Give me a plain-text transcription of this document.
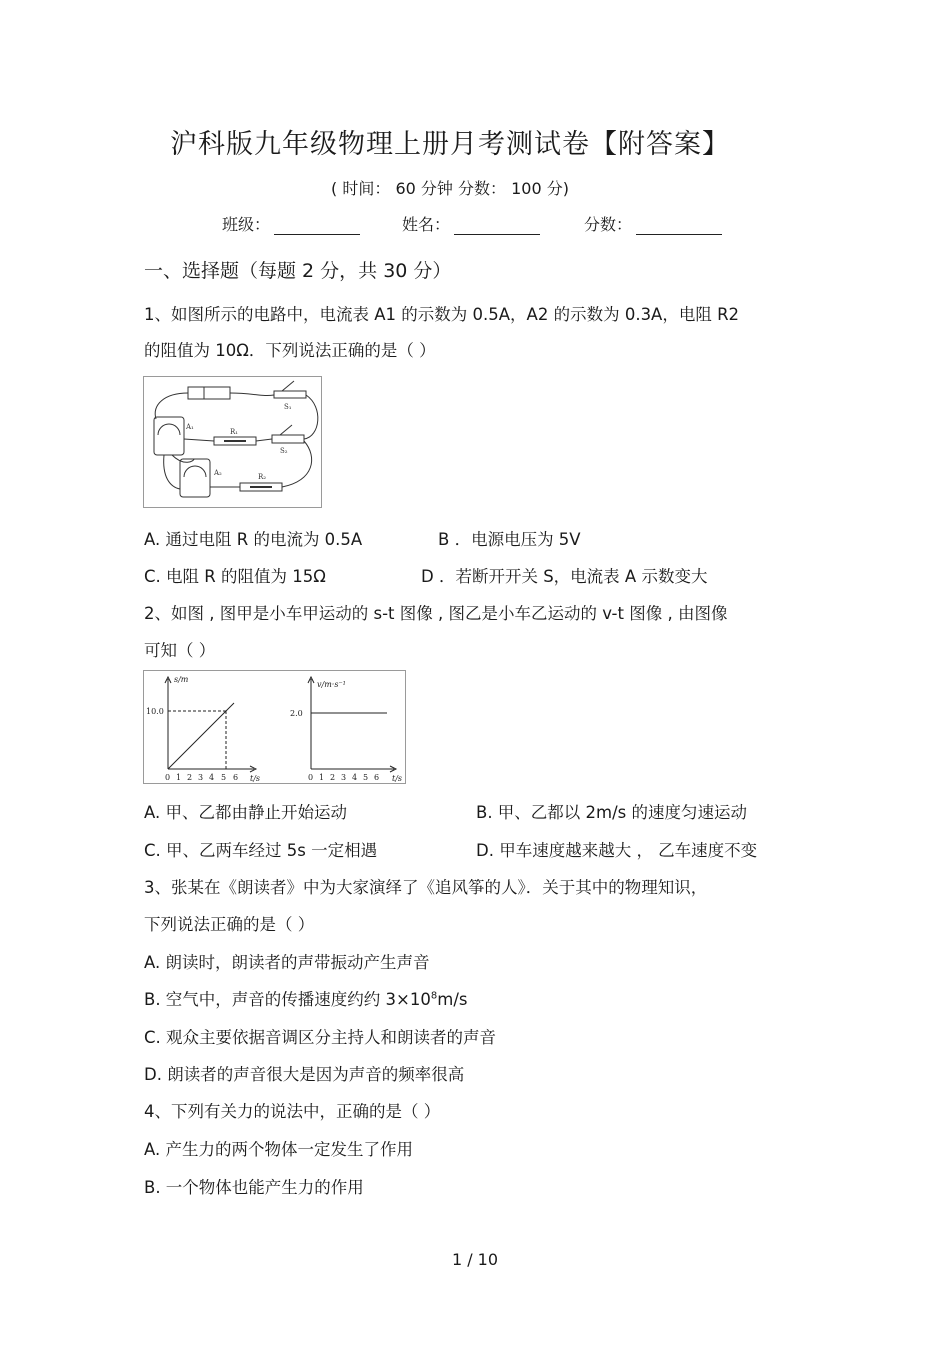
沪科版九年级物理上册月考测试卷【附答案】
( 时间： 60 分钟 分数： 100 分)
班级：	姓名：	分数：
一、选择题（每题 2 分，共 30 分）
1、如图所示的电路中，电流表 A1 的示数为 0.5A，A2 的示数为 0.3A，电阻 R2
的阻值为 10Ω．下列说法正确的是（ ）
A₁
R₁
S₁
S₂
A₂	R₂
A. 通过电阻 R 的电流为 0.5A	B ．电源电压为 5V
C. 电阻 R 的阻值为 15Ω	D ．若断开开关 S，电流表 A 示数变大
2、如图 , 图甲是小车甲运动的 s-t 图像 , 图乙是小车乙运动的 v-t 图像 , 由图像
可知（ ）
s/m
10.0
t/s
v/m·s⁻¹
2.0
t/s
0 1 2 3 4 5 6	0 1 2 3 4 5 6
A. 甲、乙都由静止开始运动	B. 甲、乙都以 2m/s 的速度匀速运动
C. 甲、乙两车经过 5s 一定相遇	D. 甲车速度越来越大 ， 乙车速度不变
3、张某在《朗读者》中为大家演绎了《追风筝的人》．关于其中的物理知识，
下列说法正确的是（ ）
A. 朗读时，朗读者的声带振动产生声音
B. 空气中，声音的传播速度约约 $3\times 10^8m/s$
C. 观众主要依据音调区分主持人和朗读者的声音
D. 朗读者的声音很大是因为声音的频率很高
4、下列有关力的说法中，正确的是（ ）
A. 产生力的两个物体一定发生了作用
B. 一个物体也能产生力的作用
1 / 10
